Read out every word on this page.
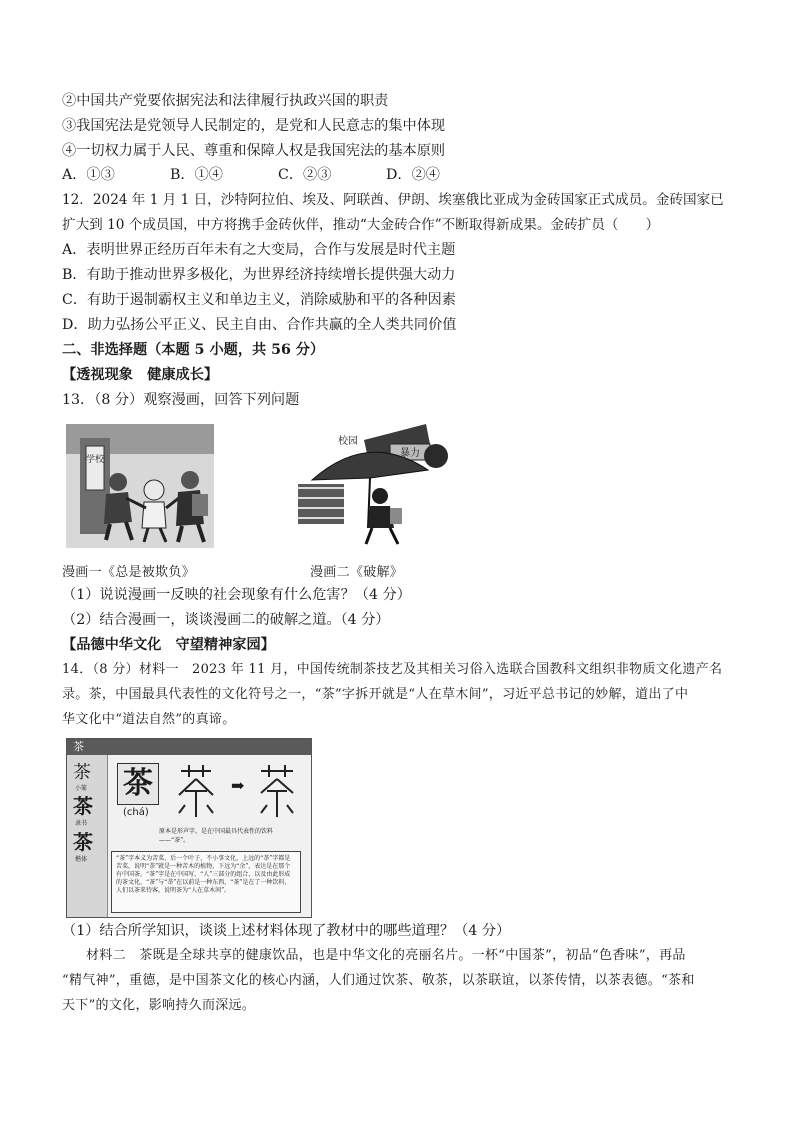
②中国共产党要依据宪法和法律履行执政兴国的职责
③我国宪法是党领导人民制定的，是党和人民意志的集中体现
④一切权力属于人民、尊重和保障人权是我国宪法的基本原则
A．①③	B．①④	C．②③	D．②④
12．2024 年 1 月 1 日，沙特阿拉伯、埃及、阿联酋、伊朗、埃塞俄比亚成为金砖国家正式成员。金砖国家已
扩大到 10 个成员国，中方将携手金砖伙伴，推动“大金砖合作”不断取得新成果。金砖扩员（　　）
A．表明世界正经历百年未有之大变局，合作与发展是时代主题
B．有助于推动世界多极化，为世界经济持续增长提供强大动力
C．有助于遏制霸权主义和单边主义，消除威胁和平的各种因素
D．助力弘扬公平正义、民主自由、合作共赢的全人类共同价值
二、非选择题（本题 5 小题，共 56 分）
【透视现象　健康成长】
13．（8 分）观察漫画，回答下列问题
学校
校园
暴力
漫画一《总是被欺负》	漫画二《破解》
（1）说说漫画一反映的社会现象有什么危害？（4 分）
（2）结合漫画一，谈谈漫画二的破解之道。（4 分）
【品德中华文化　守望精神家园】
14．（8 分）材料一　2023 年 11 月，中国传统制茶技艺及其相关习俗入选联合国教科文组织非物质文化遗产名
录。茶，中国最具代表性的文化符号之一，“茶”字拆开就是“人在草木间”，习近平总书记的妙解，道出了中
华文化中“道法自然”的真谛。
茶
茶
小篆
茶
隶书
茶
楷体
茶
(chá)
➡
原本是形声字，是在中国最具代表性的饮料——“茶”。
“茶”字本义为苦菜，后一个叶子，不小事文化，上远的“荼”字都是苦菜，说明“荼”就是一种苦木的植物，下远为“余”，表达是在那个有中国茶，“茶”字是在中国写，“人”三部分的组合，以及由此形成的茶文化，“茶”与“荼”在以前是一种东西，“茶”是在了一种饮料，人们以茶来待客，说明茶为“人在草木间”。
（1）结合所学知识，谈谈上述材料体现了教材中的哪些道理？（4 分）
材料二　茶既是全球共享的健康饮品，也是中华文化的亮丽名片。一杯“中国茶”，初品“色香味”，再品
“精气神”，重德，是中国茶文化的核心内涵，人们通过饮茶、敬茶，以茶联谊，以茶传情，以茶表德。“茶和
天下”的文化，影响持久而深远。
